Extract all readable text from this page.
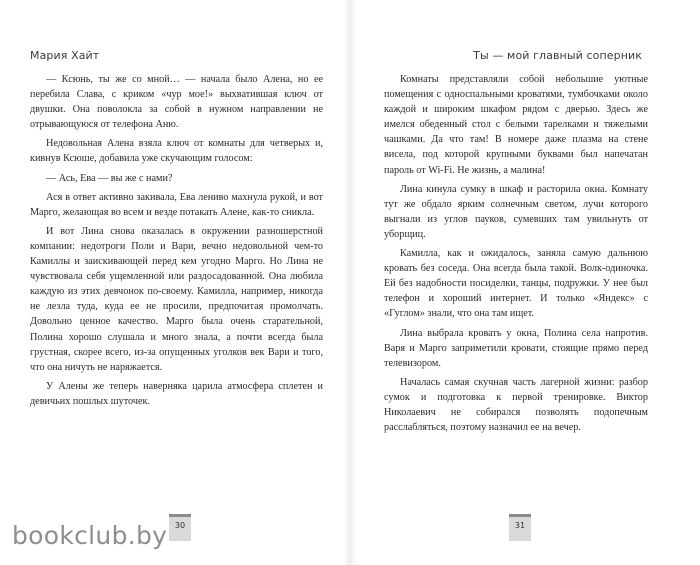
Мария Хайт

— Ксюнь, ты же со мной… — начала было Алена, но ее перебила Слава, с криком «чур мое!» выхватившая ключ от двушки. Она поволокла за собой в нужном направлении не отрывающуюся от телефона Аню.

Недовольная Алена взяла ключ от комнаты для четверых и, кивнув Ксюше, добавила уже скучающим голосом:

— Ась, Ева — вы же с нами?

Ася в ответ активно закивала, Ева лениво махнула рукой, и вот Марго, желающая во всем и везде потакать Алене, как-то сникла.

И вот Лина снова оказалась в окружении разношерстной компании: недотроги Поли и Вари, вечно недовольной чем-то Камиллы и заискивающей перед кем угодно Марго. Но Лина не чувствовала себя ущемленной или раздосадованной. Она любила каждую из этих девчонок по-своему. Камилла, например, никогда не лезла туда, куда ее не просили, предпочитая промолчать. Довольно ценное качество. Марго была очень старательной, Полина хорошо слушала и много знала, а почти всегда была грустная, скорее всего, из-за опущенных уголков век Вари и того, что она ничуть не наряжается.

У Алены же теперь наверняка царила атмосфера сплетен и девичьих пошлых шуточек.

30

Ты — мой главный соперник

Комнаты представляли собой небольшие уютные помещения с односпальными кроватями, тумбочками около каждой и широким шкафом рядом с дверью. Здесь же имелся обеденный стол с белыми тарелками и тяжелыми чашками. Да что там! В номере даже плазма на стене висела, под которой крупными буквами был напечатан пароль от Wi-Fi. Не жизнь, а малина!

Лина кинула сумку в шкаф и расторила окна. Комнату тут же обдало ярким солнечным светом, лучи которого выгнали из углов пауков, сумевших там увильнуть от уборщиц.

Камилла, как и ожидалось, заняла самую дальнюю кровать без соседа. Она всегда была такой. Волк-одиночка. Ей без надобности посиделки, танцы, подружки. У нее был телефон и хороший интернет. И только «Яндекс» с «Гуглом» знали, что она там ищет.

Лина выбрала кровать у окна, Полина села напротив. Варя и Марго заприметили кровати, стоящие прямо перед телевизором.

Началась самая скучная часть лагерной жизни: разбор сумок и подготовка к первой тренировке. Виктор Николаевич не собирался позволять подопечным расслабляться, поэтому назначил ее на вечер.

31
bookclub.by
